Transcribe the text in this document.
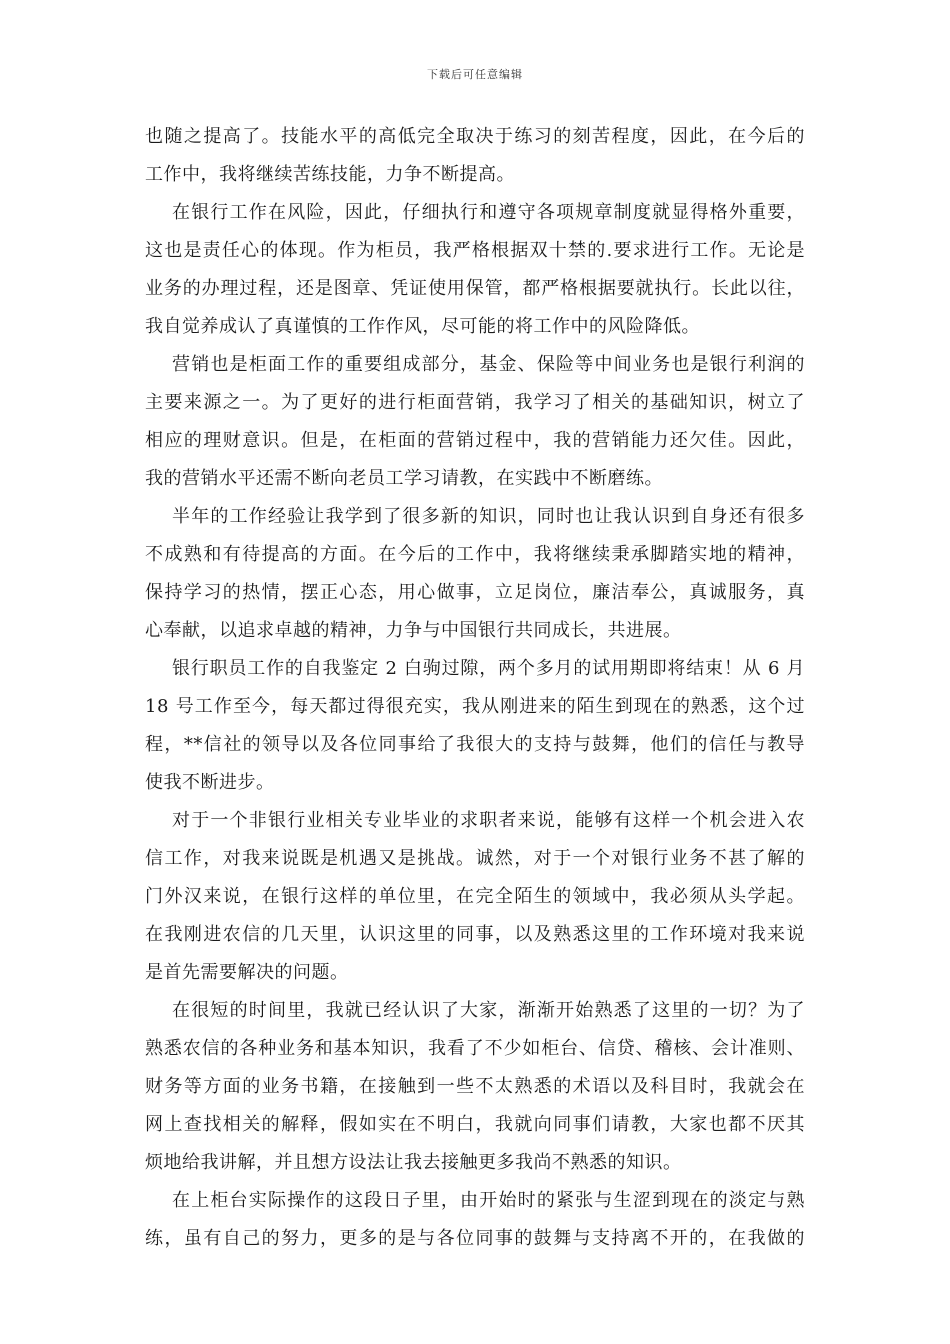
下载后可任意编辑
也随之提高了。技能水平的高低完全取决于练习的刻苦程度，因此，在今后的
工作中，我将继续苦练技能，力争不断提高。
在银行工作在风险，因此，仔细执行和遵守各项规章制度就显得格外重要，
这也是责任心的体现。作为柜员，我严格根据双十禁的.要求进行工作。无论是
业务的办理过程，还是图章、凭证使用保管，都严格根据要就执行。长此以往，
我自觉养成认了真谨慎的工作作风，尽可能的将工作中的风险降低。
营销也是柜面工作的重要组成部分，基金、保险等中间业务也是银行利润的
主要来源之一。为了更好的进行柜面营销，我学习了相关的基础知识，树立了
相应的理财意识。但是，在柜面的营销过程中，我的营销能力还欠佳。因此，
我的营销水平还需不断向老员工学习请教，在实践中不断磨练。
半年的工作经验让我学到了很多新的知识，同时也让我认识到自身还有很多
不成熟和有待提高的方面。在今后的工作中，我将继续秉承脚踏实地的精神，
保持学习的热情，摆正心态，用心做事，立足岗位，廉洁奉公，真诚服务，真
心奉献，以追求卓越的精神，力争与中国银行共同成长，共进展。
银行职员工作的自我鉴定 2 白驹过隙，两个多月的试用期即将结束！从 6 月
18 号工作至今，每天都过得很充实，我从刚进来的陌生到现在的熟悉，这个过
程，**信社的领导以及各位同事给了我很大的支持与鼓舞，他们的信任与教导
使我不断进步。
对于一个非银行业相关专业毕业的求职者来说，能够有这样一个机会进入农
信工作，对我来说既是机遇又是挑战。诚然，对于一个对银行业务不甚了解的
门外汉来说，在银行这样的单位里，在完全陌生的领域中，我必须从头学起。
在我刚进农信的几天里，认识这里的同事，以及熟悉这里的工作环境对我来说
是首先需要解决的问题。
在很短的时间里，我就已经认识了大家，渐渐开始熟悉了这里的一切？为了
熟悉农信的各种业务和基本知识，我看了不少如柜台、信贷、稽核、会计准则、
财务等方面的业务书籍，在接触到一些不太熟悉的术语以及科目时，我就会在
网上查找相关的解释，假如实在不明白，我就向同事们请教，大家也都不厌其
烦地给我讲解，并且想方设法让我去接触更多我尚不熟悉的知识。
在上柜台实际操作的这段日子里，由开始时的紧张与生涩到现在的淡定与熟
练，虽有自己的努力，更多的是与各位同事的鼓舞与支持离不开的，在我做的
